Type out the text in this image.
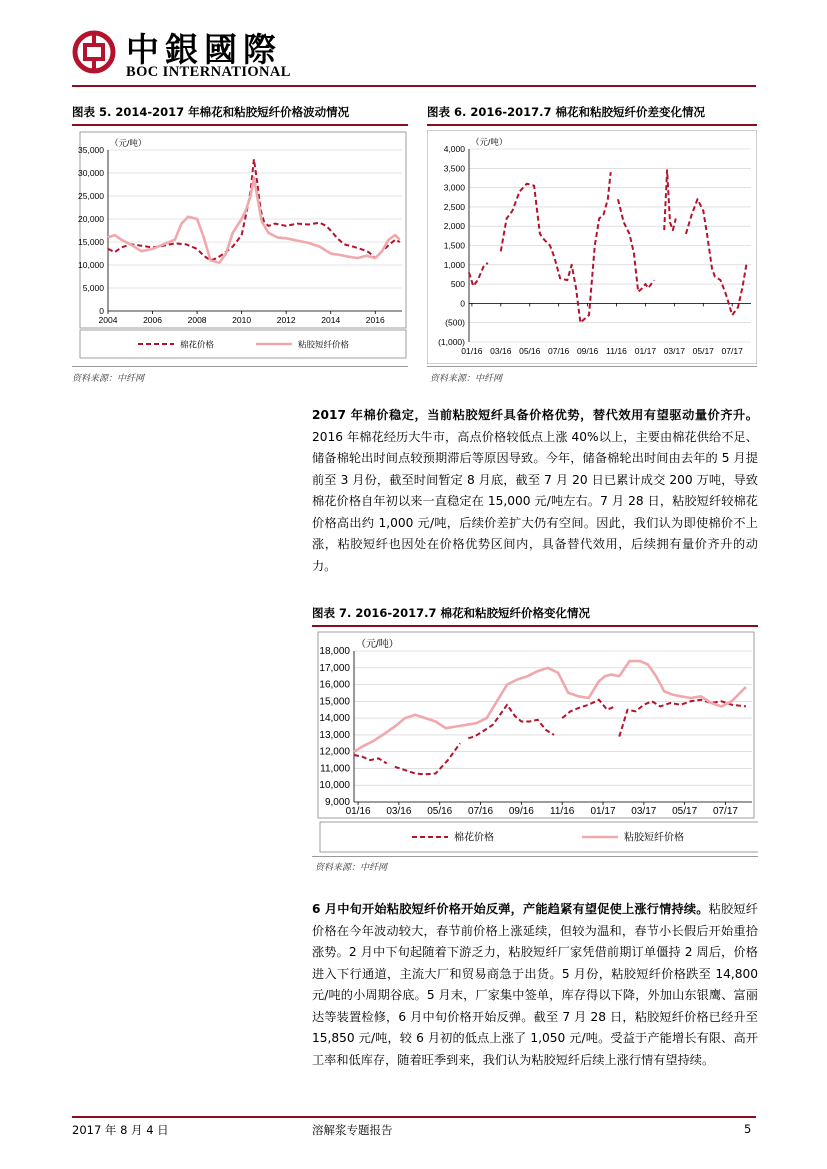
中銀國際
BOC INTERNATIONAL
图表 5. 2014-2017 年棉花和粘胶短纤价格波动情况
（元/吨）
0
5,000
10,000
15,000
20,000
25,000
30,000
35,000
2004	2006	2008	2010	2012	2014	2016
棉花价格	粘胶短纤价格
资料来源：中纤网
图表 6. 2016-2017.7 棉花和粘胶短纤价差变化情况
（元/吨）
(1,000)
(500)
0
500
1,000
1,500
2,000
2,500
3,000
3,500
4,000
01/16 03/16 05/16 07/16 09/16 11/16 01/17 03/17 05/17 07/17
资料来源：中纤网
2017 年棉价稳定，当前粘胶短纤具备价格优势，替代效用有望驱动量价齐升。2016 年棉花经历大牛市，高点价格较低点上涨 40%以上，主要由棉花供给不足、储备棉轮出时间点较预期滞后等原因导致。今年，储备棉轮出时间由去年的 5 月提前至 3 月份，截至时间暂定 8 月底，截至 7 月 20 日已累计成交 200 万吨，导致棉花价格自年初以来一直稳定在 15,000 元/吨左右。7 月 28 日，粘胶短纤较棉花价格高出约 1,000 元/吨，后续价差扩大仍有空间。因此，我们认为即使棉价不上涨，粘胶短纤也因处在价格优势区间内，具备替代效用，后续拥有量价齐升的动力。
图表 7. 2016-2017.7 棉花和粘胶短纤价格变化情况
（元/吨）
9,000
10,000
11,000
12,000
13,000
14,000
15,000
16,000
17,000
18,000
01/16 03/16 05/16 07/16 09/16 11/16 01/17 03/17 05/17 07/17
棉花价格	粘胶短纤价格
资料来源：中纤网
6 月中旬开始粘胶短纤价格开始反弹，产能趋紧有望促使上涨行情持续。粘胶短纤价格在今年波动较大，春节前价格上涨延续，但较为温和，春节小长假后开始重拾涨势。2 月中下旬起随着下游乏力，粘胶短纤厂家凭借前期订单僵持 2 周后，价格进入下行通道，主流大厂和贸易商急于出货。5 月份，粘胶短纤价格跌至 14,800 元/吨的小周期谷底。5 月末，厂家集中签单，库存得以下降，外加山东银鹰、富丽达等装置检修，6 月中旬价格开始反弹。截至 7 月 28 日，粘胶短纤价格已经升至 15,850 元/吨，较 6 月初的低点上涨了 1,050 元/吨。受益于产能增长有限、高开工率和低库存，随着旺季到来，我们认为粘胶短纤后续上涨行情有望持续。
2017 年 8 月 4 日	溶解浆专题报告	5
